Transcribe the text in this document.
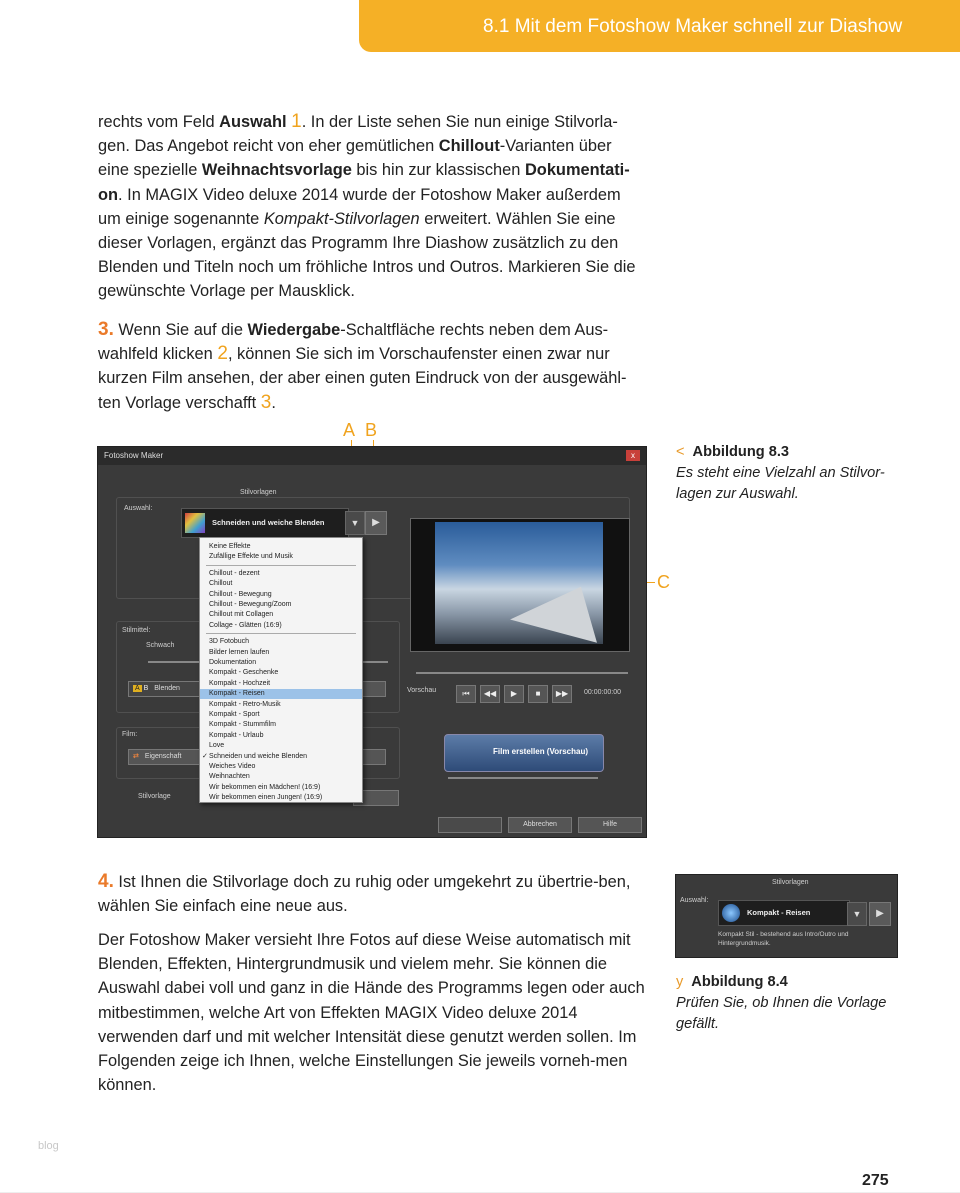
8.1 Mit dem Fotoshow Maker schnell zur Diashow
rechts vom Feld Auswahl 1. In der Liste sehen Sie nun einige Stilvorla-gen. Das Angebot reicht von eher gemütlichen Chillout-Varianten über eine spezielle Weihnachtsvorlage bis hin zur klassischen Dokumentati-on. In MAGIX Video deluxe 2014 wurde der Fotoshow Maker außerdem um einige sogenannte Kompakt-Stilvorlagen erweitert. Wählen Sie eine dieser Vorlagen, ergänzt das Programm Ihre Diashow zusätzlich zu den Blenden und Titeln noch um fröhliche Intros und Outros. Markieren Sie die gewünschte Vorlage per Mausklick.
3. Wenn Sie auf die Wiedergabe-Schaltfläche rechts neben dem Aus-wahlfeld klicken 2, können Sie sich im Vorschaufenster einen zwar nur kurzen Film ansehen, der aber einen guten Eindruck von der ausgewähl-ten Vorlage verschafft 3.
A B
C
< Abbildung 8.3
Es steht eine Vielzahl an Stilvor-lagen zur Auswahl.
Fotoshow Maker	x
Stilvorlagen
Auswahl:
Schneiden und weiche Blenden	▼	▶
Stilmittel:
Schwach
A B Blenden
Film:
⇄ Eigenschaft
Stilvorlage
Vorschau	⏮	◀◀	▶	■	▶▶	00:00:00:00
Film erstellen (Vorschau)
Abbrechen	Hilfe
Keine Effekte
Zufällige Effekte und Musik
Chillout - dezent
Chillout
Chillout - Bewegung
Chillout - Bewegung/Zoom
Chillout mit Collagen
Collage - Glätten (16:9)
3D Fotobuch
Bilder lernen laufen
Dokumentation
Kompakt - Geschenke
Kompakt - Hochzeit
Kompakt - Reisen
Kompakt - Retro-Musik
Kompakt - Sport
Kompakt - Stummfilm
Kompakt - Urlaub
Love
✓ Schneiden und weiche Blenden
Weiches Video
Weihnachten
Wir bekommen ein Mädchen! (16:9)
Wir bekommen einen Jungen! (16:9)
4. Ist Ihnen die Stilvorlage doch zu ruhig oder umgekehrt zu übertrie-ben, wählen Sie einfach eine neue aus.
Der Fotoshow Maker versieht Ihre Fotos auf diese Weise automatisch mit Blenden, Effekten, Hintergrundmusik und vielem mehr. Sie können die Auswahl dabei voll und ganz in die Hände des Programms legen oder auch mitbestimmen, welche Art von Effekten MAGIX Video deluxe 2014 verwenden darf und mit welcher Intensität diese genutzt werden sollen. Im Folgenden zeige ich Ihnen, welche Einstellungen Sie jeweils vorneh-men können.
Stilvorlagen
Auswahl:
Kompakt - Reisen	▼	▶
Kompakt Stil - bestehend aus Intro/Outro und Hintergrundmusik.
y Abbildung 8.4
Prüfen Sie, ob Ihnen die Vorlage gefällt.
blog
275
